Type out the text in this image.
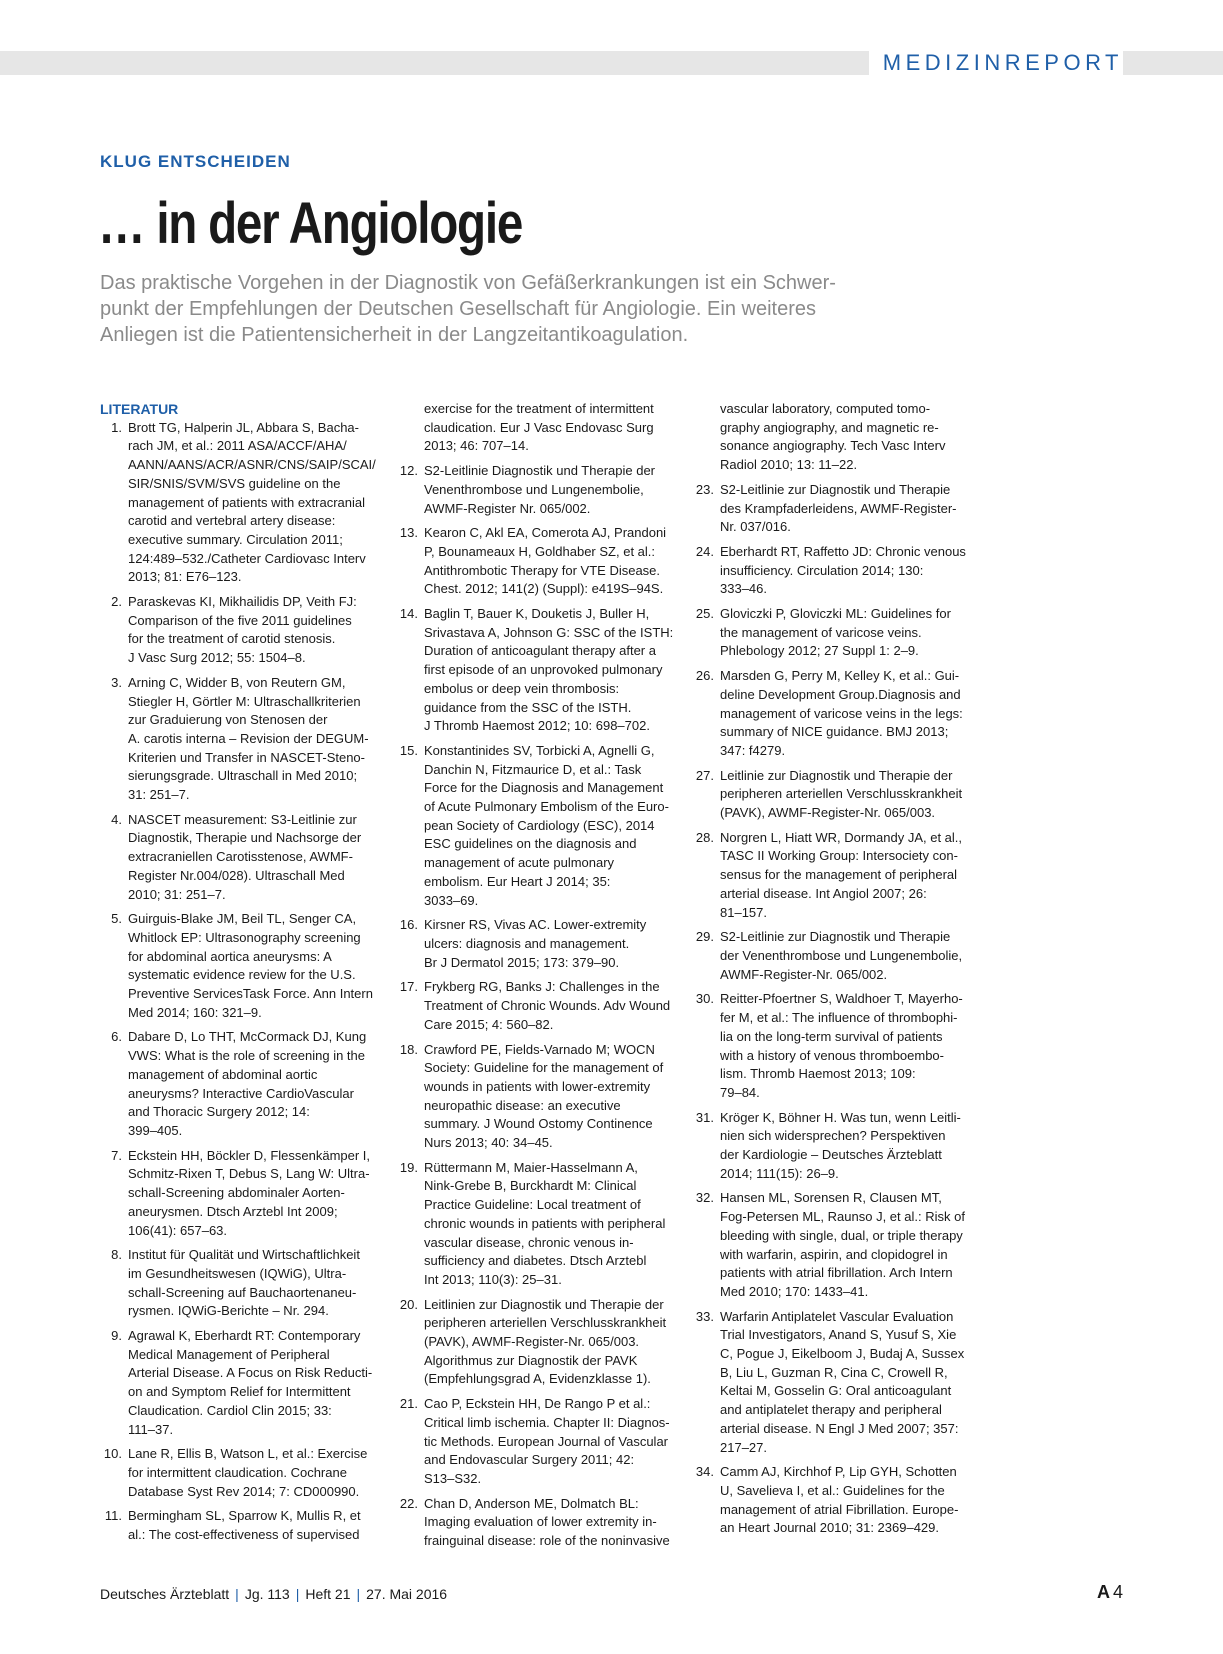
MEDIZINREPORT
KLUG ENTSCHEIDEN
… in der Angiologie

Das praktische Vorgehen in der Diagnostik von Gefäßerkrankungen ist ein Schwer-
punkt der Empfehlungen der Deutschen Gesellschaft für Angiologie. Ein weiteres
Anliegen ist die Patientensicherheit in der Langzeitantikoagulation.

LITERATUR
1. Brott TG, Halperin JL, Abbara S, Bacha-
rach JM, et al.: 2011 ASA/ACCF/AHA/
AANN/AANS/ACR/ASNR/CNS/SAIP/SCAI/
SIR/SNIS/SVM/SVS guideline on the
management of patients with extracranial
carotid and vertebral artery disease:
executive summary. Circulation 2011;
124:489–532./Catheter Cardiovasc Interv
2013; 81: E76–123.
2. Paraskevas KI, Mikhailidis DP, Veith FJ:
Comparison of the five 2011 guidelines
for the treatment of carotid stenosis.
J Vasc Surg 2012; 55: 1504–8.
3. Arning C, Widder B, von Reutern GM,
Stiegler H, Görtler M: Ultraschallkriterien
zur Graduierung von Stenosen der
A. carotis interna – Revision der DEGUM-
Kriterien und Transfer in NASCET-Steno-
sierungsgrade. Ultraschall in Med 2010;
31: 251–7.
4. NASCET measurement: S3-Leitlinie zur
Diagnostik, Therapie und Nachsorge der
extracraniellen Carotisstenose, AWMF-
Register Nr.004/028). Ultraschall Med
2010; 31: 251–7.
5. Guirguis-Blake JM, Beil TL, Senger CA,
Whitlock EP: Ultrasonography screening
for abdominal aortica aneurysms: A
systematic evidence review for the U.S.
Preventive ServicesTask Force. Ann Intern
Med 2014; 160: 321–9.
6. Dabare D, Lo THT, McCormack DJ, Kung
VWS: What is the role of screening in the
management of abdominal aortic
aneurysms? Interactive CardioVascular
and Thoracic Surgery 2012; 14:
399–405.
7. Eckstein HH, Böckler D, Flessenkämper I,
Schmitz-Rixen T, Debus S, Lang W: Ultra-
schall-Screening abdominaler Aorten-
aneurysmen. Dtsch Arztebl Int 2009;
106(41): 657–63.
8. Institut für Qualität und Wirtschaftlichkeit
im Gesundheitswesen (IQWiG), Ultra-
schall-Screening auf Bauchaortenaneu-
rysmen. IQWiG-Berichte – Nr. 294.
9. Agrawal K, Eberhardt RT: Contemporary
Medical Management of Peripheral
Arterial Disease. A Focus on Risk Reducti-
on and Symptom Relief for Intermittent
Claudication. Cardiol Clin 2015; 33:
111–37.
10. Lane R, Ellis B, Watson L, et al.: Exercise
for intermittent claudication. Cochrane
Database Syst Rev 2014; 7: CD000990.
11. Bermingham SL, Sparrow K, Mullis R, et
al.: The cost-effectiveness of supervised
exercise for the treatment of intermittent
claudication. Eur J Vasc Endovasc Surg
2013; 46: 707–14.
12. S2-Leitlinie Diagnostik und Therapie der
Venenthrombose und Lungenembolie,
AWMF-Register Nr. 065/002.
13. Kearon C, Akl EA, Comerota AJ, Prandoni
P, Bounameaux H, Goldhaber SZ, et al.:
Antithrombotic Therapy for VTE Disease.
Chest. 2012; 141(2) (Suppl): e419S–94S.
14. Baglin T, Bauer K, Douketis J, Buller H,
Srivastava A, Johnson G: SSC of the ISTH:
Duration of anticoagulant therapy after a
first episode of an unprovoked pulmonary
embolus or deep vein thrombosis:
guidance from the SSC of the ISTH.
J Thromb Haemost 2012; 10: 698–702.
15. Konstantinides SV, Torbicki A, Agnelli G,
Danchin N, Fitzmaurice D, et al.: Task
Force for the Diagnosis and Management
of Acute Pulmonary Embolism of the Euro-
pean Society of Cardiology (ESC), 2014
ESC guidelines on the diagnosis and
management of acute pulmonary
embolism. Eur Heart J 2014; 35:
3033–69.
16. Kirsner RS, Vivas AC. Lower-extremity
ulcers: diagnosis and management.
Br J Dermatol 2015; 173: 379–90.
17. Frykberg RG, Banks J: Challenges in the
Treatment of Chronic Wounds. Adv Wound
Care 2015; 4: 560–82.
18. Crawford PE, Fields-Varnado M; WOCN
Society: Guideline for the management of
wounds in patients with lower-extremity
neuropathic disease: an executive
summary. J Wound Ostomy Continence
Nurs 2013; 40: 34–45.
19. Rüttermann M, Maier-Hasselmann A,
Nink-Grebe B, Burckhardt M: Clinical
Practice Guideline: Local treatment of
chronic wounds in patients with peripheral
vascular disease, chronic venous in-
sufficiency and diabetes. Dtsch Arztebl
Int 2013; 110(3): 25–31.
20. Leitlinien zur Diagnostik und Therapie der
peripheren arteriellen Verschlusskrankheit
(PAVK), AWMF-Register-Nr. 065/003.
Algorithmus zur Diagnostik der PAVK
(Empfehlungsgrad A, Evidenzklasse 1).
21. Cao P, Eckstein HH, De Rango P et al.:
Critical limb ischemia. Chapter II: Diagnos-
tic Methods. European Journal of Vascular
and Endovascular Surgery 2011; 42:
S13–S32.
22. Chan D, Anderson ME, Dolmatch BL:
Imaging evaluation of lower extremity in-
frainguinal disease: role of the noninvasive
vascular laboratory, computed tomo-
graphy angiography, and magnetic re-
sonance angiography. Tech Vasc Interv
Radiol 2010; 13: 11–22.
23. S2-Leitlinie zur Diagnostik und Therapie
des Krampfaderleidens, AWMF-Register-
Nr. 037/016.
24. Eberhardt RT, Raffetto JD: Chronic venous
insufficiency. Circulation 2014; 130:
333–46.
25. Gloviczki P, Gloviczki ML: Guidelines for
the management of varicose veins.
Phlebology 2012; 27 Suppl 1: 2–9.
26. Marsden G, Perry M, Kelley K, et al.: Gui-
deline Development Group.Diagnosis and
management of varicose veins in the legs:
summary of NICE guidance. BMJ 2013;
347: f4279.
27. Leitlinie zur Diagnostik und Therapie der
peripheren arteriellen Verschlusskrankheit
(PAVK), AWMF-Register-Nr. 065/003.
28. Norgren L, Hiatt WR, Dormandy JA, et al.,
TASC II Working Group: Intersociety con-
sensus for the management of peripheral
arterial disease. Int Angiol 2007; 26:
81–157.
29. S2-Leitlinie zur Diagnostik und Therapie
der Venenthrombose und Lungenembolie,
AWMF-Register-Nr. 065/002.
30. Reitter-Pfoertner S, Waldhoer T, Mayerho-
fer M, et al.: The influence of thrombophi-
lia on the long-term survival of patients
with a history of venous thromboembo-
lism. Thromb Haemost 2013; 109:
79–84.
31. Kröger K, Böhner H. Was tun, wenn Leitli-
nien sich widersprechen? Perspektiven
der Kardiologie – Deutsches Ärzteblatt
2014; 111(15): 26–9.
32. Hansen ML, Sorensen R, Clausen MT,
Fog-Petersen ML, Raunso J, et al.: Risk of
bleeding with single, dual, or triple therapy
with warfarin, aspirin, and clopidogrel in
patients with atrial fibrillation. Arch Intern
Med 2010; 170: 1433–41.
33. Warfarin Antiplatelet Vascular Evaluation
Trial Investigators, Anand S, Yusuf S, Xie
C, Pogue J, Eikelboom J, Budaj A, Sussex
B, Liu L, Guzman R, Cina C, Crowell R,
Keltai M, Gosselin G: Oral anticoagulant
and antiplatelet therapy and peripheral
arterial disease. N Engl J Med 2007; 357:
217–27.
34. Camm AJ, Kirchhof P, Lip GYH, Schotten
U, Savelieva I, et al.: Guidelines for the
management of atrial Fibrillation. Europe-
an Heart Journal 2010; 31: 2369–429.
Deutsches Ärzteblatt | Jg. 113 | Heft 21 | 27. Mai 2016	A 4
